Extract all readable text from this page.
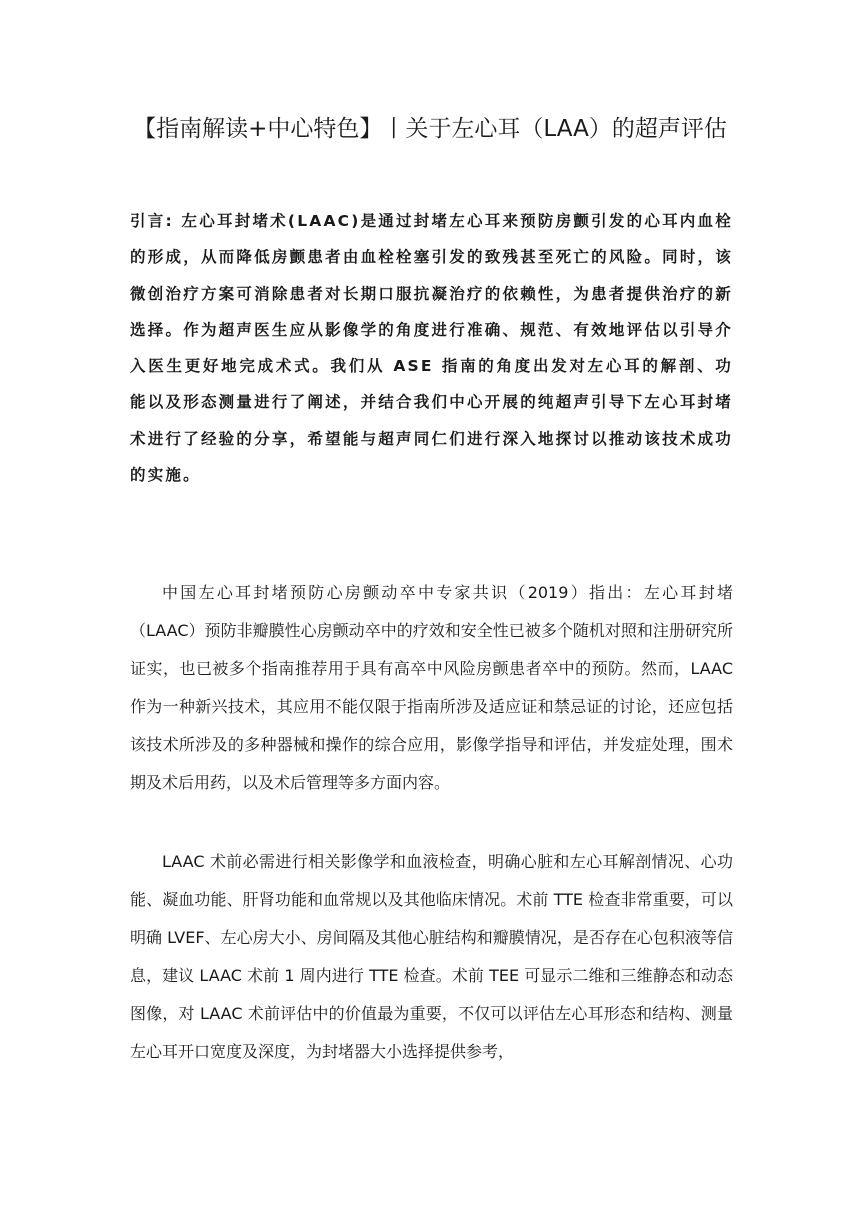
【指南解读+中心特色】丨关于左心耳（LAA）的超声评估

引言: 左心耳封堵术(LAAC)是通过封堵左心耳来预防房颤引发的心耳内血栓的形成，从而降低房颤患者由血栓栓塞引发的致残甚至死亡的风险。同时，该微创治疗方案可消除患者对长期口服抗凝治疗的依赖性，为患者提供治疗的新选择。作为超声医生应从影像学的角度进行准确、规范、有效地评估以引导介入医生更好地完成术式。我们从 ASE 指南的角度出发对左心耳的解剖、功能以及形态测量进行了阐述，并结合我们中心开展的纯超声引导下左心耳封堵术进行了经验的分享，希望能与超声同仁们进行深入地探讨以推动该技术成功的实施。

中国左心耳封堵预防心房颤动卒中专家共识（2019）指出：左心耳封堵（LAAC）预防非瓣膜性心房颤动卒中的疗效和安全性已被多个随机对照和注册研究所证实，也已被多个指南推荐用于具有高卒中风险房颤患者卒中的预防。然而，LAAC 作为一种新兴技术，其应用不能仅限于指南所涉及适应证和禁忌证的讨论，还应包括该技术所涉及的多种器械和操作的综合应用，影像学指导和评估，并发症处理，围术期及术后用药，以及术后管理等多方面内容。

LAAC 术前必需进行相关影像学和血液检查，明确心脏和左心耳解剖情况、心功能、凝血功能、肝肾功能和血常规以及其他临床情况。术前 TTE 检查非常重要，可以明确 LVEF、左心房大小、房间隔及其他心脏结构和瓣膜情况，是否存在心包积液等信息，建议 LAAC 术前 1 周内进行 TTE 检查。术前 TEE 可显示二维和三维静态和动态图像，对 LAAC 术前评估中的价值最为重要，不仅可以评估左心耳形态和结构、测量左心耳开口宽度及深度，为封堵器大小选择提供参考，
